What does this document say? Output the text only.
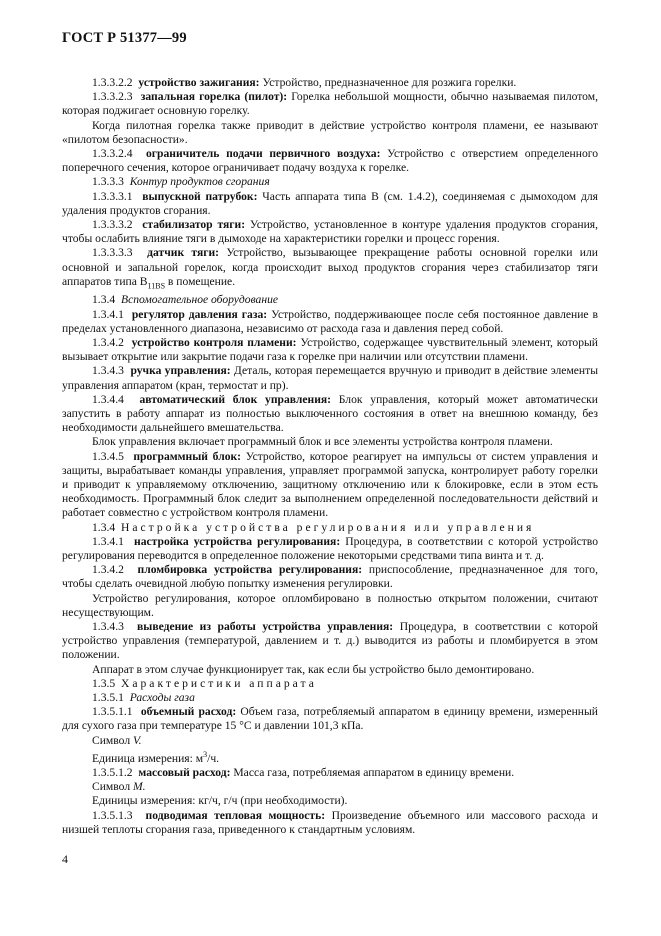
ГОСТ Р 51377—99

1.3.3.2.2 устройство зажигания: Устройство, предназначенное для розжига горелки.

1.3.3.2.3 запальная горелка (пилот): Горелка небольшой мощности, обычно называемая пилотом, которая поджигает основную горелку.

Когда пилотная горелка также приводит в действие устройство контроля пламени, ее называют «пилотом безопасности».

1.3.3.2.4 ограничитель подачи первичного воздуха: Устройство с отверстием определенного поперечного сечения, которое ограничивает подачу воздуха к горелке.

1.3.3.3 Контур продуктов сгорания

1.3.3.3.1 выпускной патрубок: Часть аппарата типа В (см. 1.4.2), соединяемая с дымоходом для удаления продуктов сгорания.

1.3.3.3.2 стабилизатор тяги: Устройство, установленное в контуре удаления продуктов сгорания, чтобы ослабить влияние тяги в дымоходе на характеристики горелки и процесс горения.

1.3.3.3.3 датчик тяги: Устройство, вызывающее прекращение работы основной горелки или основной и запальной горелок, когда происходит выход продуктов сгорания через стабилизатор тяги аппаратов типа $В_{11BS}$ в помещение.

1.3.4 Вспомогательное оборудование

1.3.4.1 регулятор давления газа: Устройство, поддерживающее после себя постоянное давление в пределах установленного диапазона, независимо от расхода газа и давления перед собой.

1.3.4.2 устройство контроля пламени: Устройство, содержащее чувствительный элемент, который вызывает открытие или закрытие подачи газа к горелке при наличии или отсутствии пламени.

1.3.4.3 ручка управления: Деталь, которая перемещается вручную и приводит в действие элементы управления аппаратом (кран, термостат и пр).

1.3.4.4 автоматический блок управления: Блок управления, который может автоматически запустить в работу аппарат из полностью выключенного состояния в ответ на внешнюю команду, без необходимости дальнейшего вмешательства.

Блок управления включает программный блок и все элементы устройства контроля пламени.

1.3.4.5 программный блок: Устройство, которое реагирует на импульсы от систем управления и защиты, вырабатывает команды управления, управляет программой запуска, контролирует работу горелки и приводит к управляемому отключению, защитному отключению или к блокировке, если в этом есть необходимость. Программный блок следит за выполнением определенной последовательности действий и работает совместно с устройством контроля пламени.

1.3.4 Настройка устройства регулирования или управления

1.3.4.1 настройка устройства регулирования: Процедура, в соответствии с которой устройство регулирования переводится в определенное положение некоторыми средствами типа винта и т. д.

1.3.4.2 пломбировка устройства регулирования: приспособление, предназначенное для того, чтобы сделать очевидной любую попытку изменения регулировки.

Устройство регулирования, которое опломбировано в полностью открытом положении, считают несуществующим.

1.3.4.3 выведение из работы устройства управления: Процедура, в соответствии с которой устройство управления (температурой, давлением и т. д.) выводится из работы и пломбируется в этом положении.

Аппарат в этом случае функционирует так, как если бы устройство было демонтировано.

1.3.5 Характеристики аппарата

1.3.5.1 Расходы газа

1.3.5.1.1 объемный расход: Объем газа, потребляемый аппаратом в единицу времени, измеренный для сухого газа при температуре 15 °С и давлении 101,3 кПа.

Символ V.

Единица измерения: $м^3/ч$.

1.3.5.1.2 массовый расход: Масса газа, потребляемая аппаратом в единицу времени.

Символ М.

Единицы измерения: кг/ч, г/ч (при необходимости).

1.3.5.1.3 подводимая тепловая мощность: Произведение объемного или массового расхода и низшей теплоты сгорания газа, приведенного к стандартным условиям.

4
